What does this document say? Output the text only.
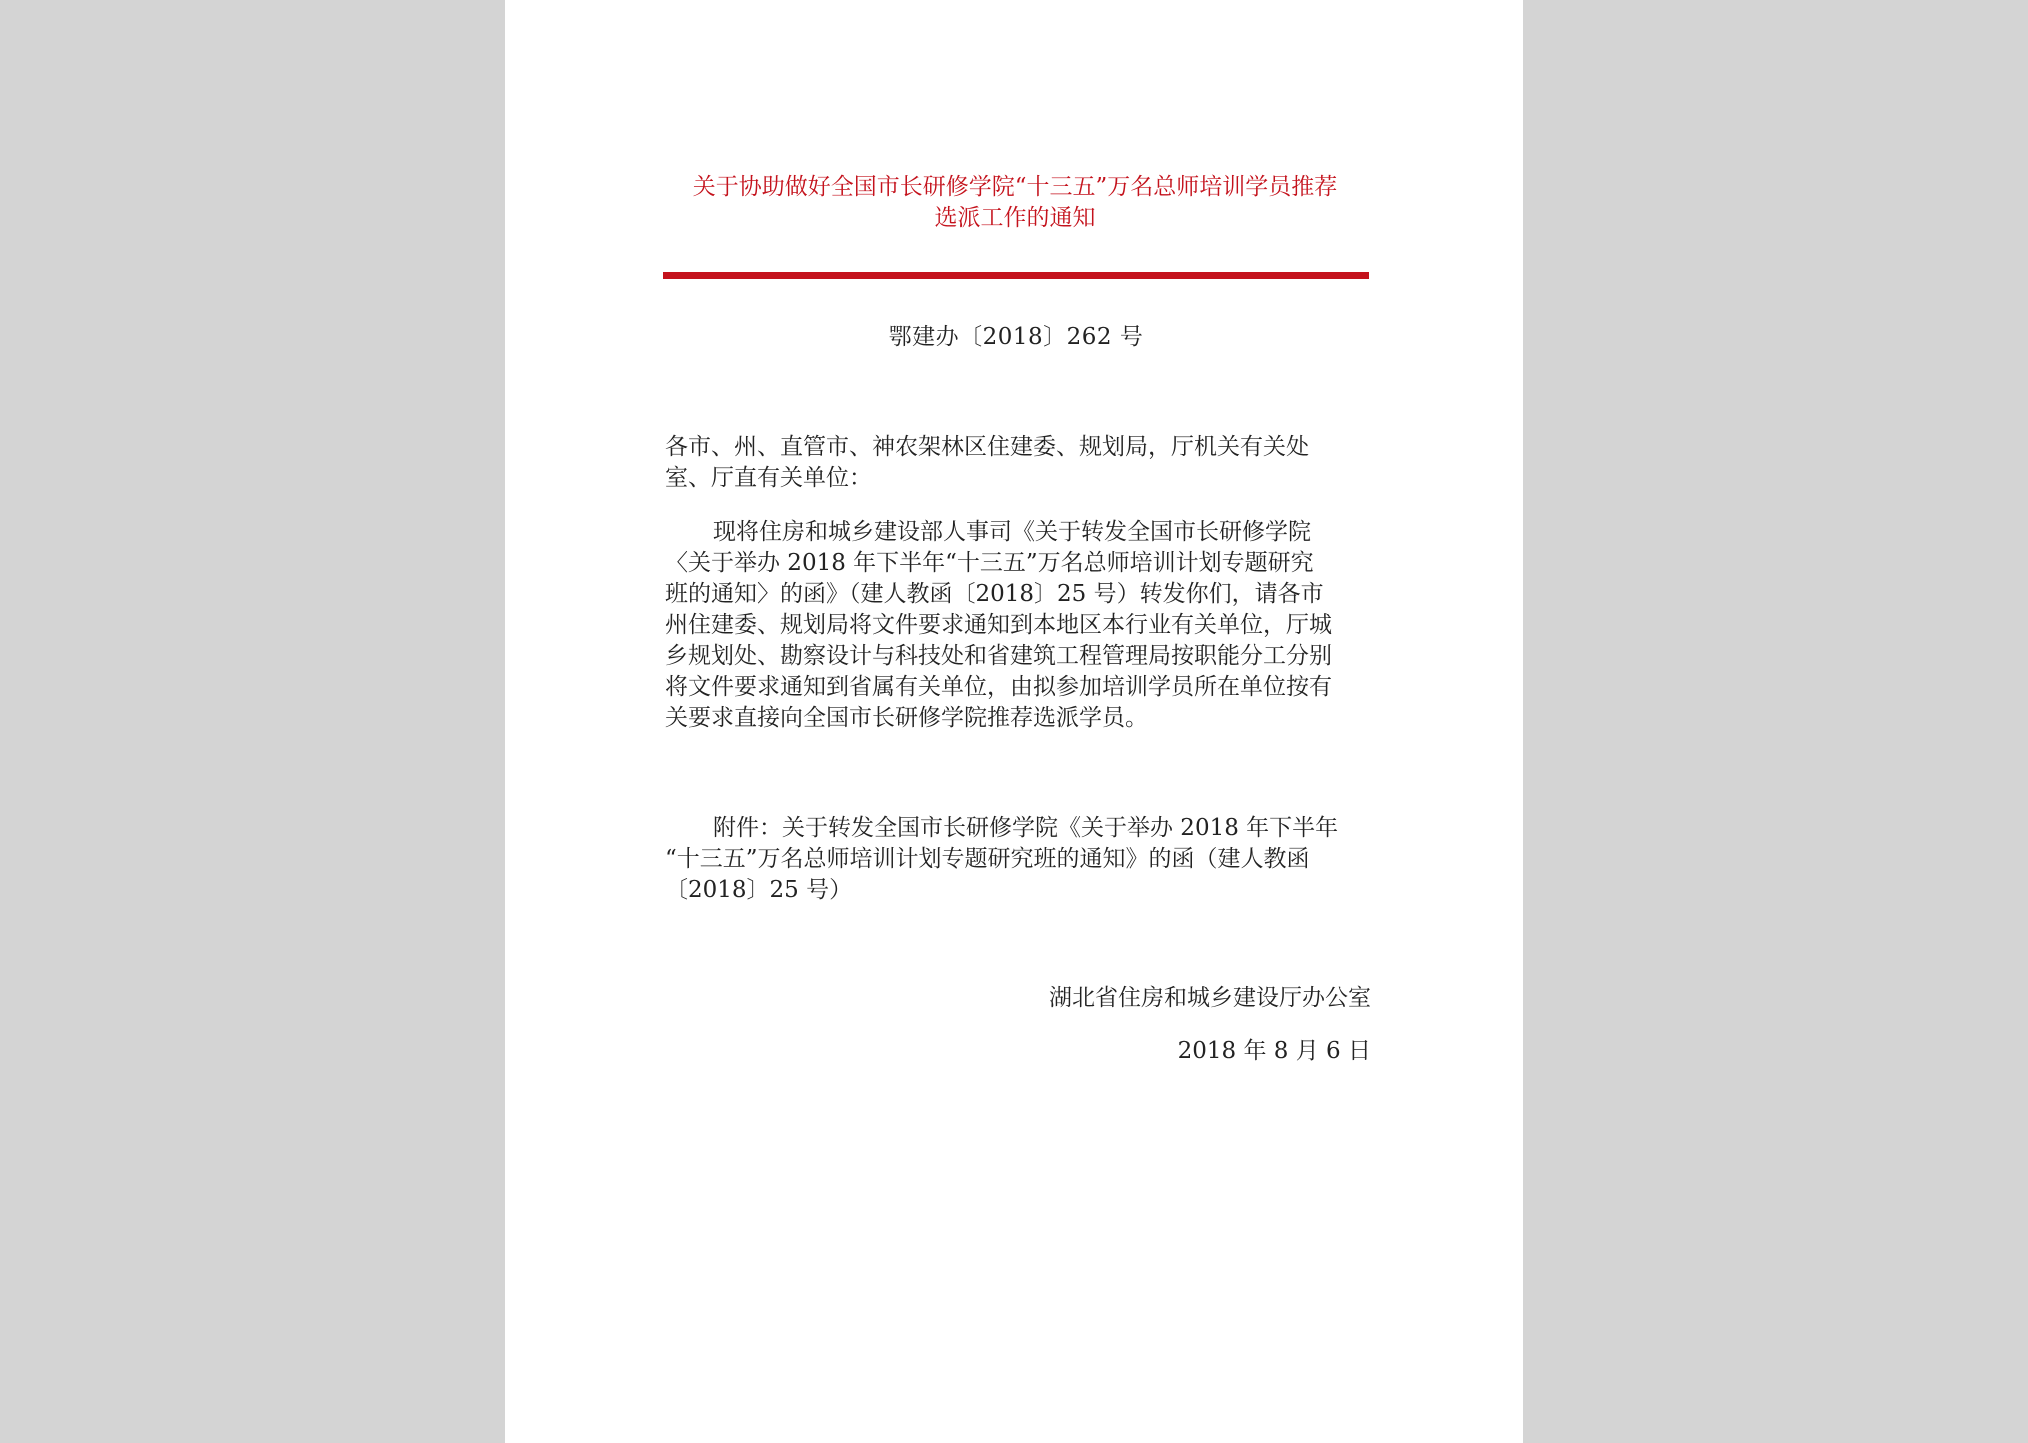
关于协助做好全国市长研修学院“十三五”万名总师培训学员推荐
选派工作的通知
鄂建办〔2018〕262 号

各市、州、直管市、神农架林区住建委、规划局，厅机关有关处
室、厅直有关单位：

现将住房和城乡建设部人事司《关于转发全国市长研修学院
〈关于举办 2018 年下半年“十三五”万名总师培训计划专题研究
班的通知〉的函》（建人教函〔2018〕25 号）转发你们，请各市
州住建委、规划局将文件要求通知到本地区本行业有关单位，厅城
乡规划处、勘察设计与科技处和省建筑工程管理局按职能分工分别
将文件要求通知到省属有关单位，由拟参加培训学员所在单位按有
关要求直接向全国市长研修学院推荐选派学员。

附件：关于转发全国市长研修学院《关于举办 2018 年下半年
“十三五”万名总师培训计划专题研究班的通知》的函（建人教函
〔2018〕25 号）

湖北省住房和城乡建设厅办公室
2018 年 8 月 6 日
